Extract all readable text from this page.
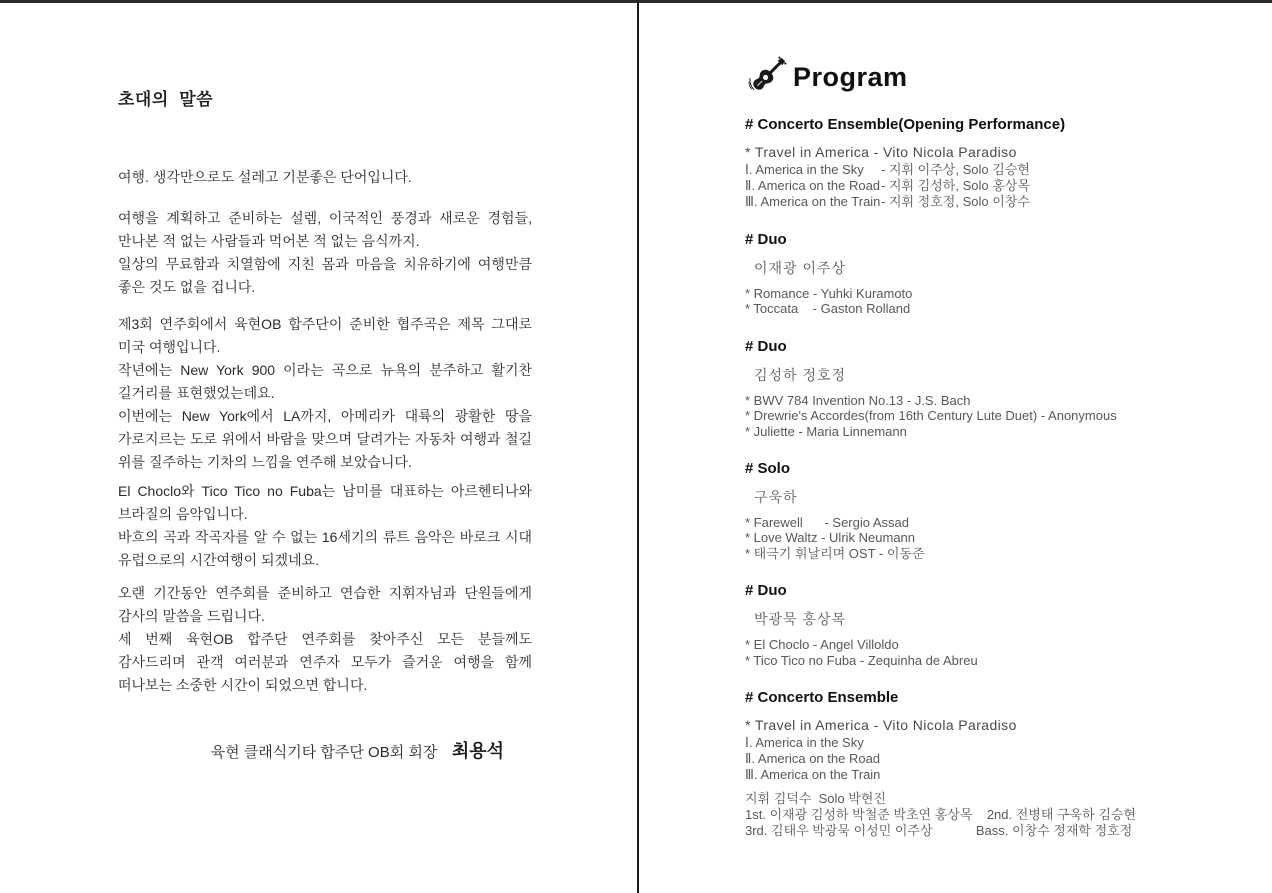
초대의  말씀

여행. 생각만으로도 설레고 기분좋은 단어입니다.

여행을 계획하고 준비하는 설렘, 이국적인 풍경과 새로운 경험들, 만나본 적 없는 사람들과 먹어본 적 없는 음식까지.

일상의 무료함과 치열함에 지친 몸과 마음을 치유하기에 여행만큼 좋은 것도 없을 겁니다.

제3회 연주회에서 육현OB 합주단이 준비한 협주곡은 제목 그대로 미국 여행입니다.

작년에는 New York 900 이라는 곡으로 뉴욕의 분주하고 활기찬 길거리를 표현했었는데요.

이번에는 New York에서 LA까지, 아메리카 대륙의 광활한 땅을 가로지르는 도로 위에서 바람을 맞으며 달려가는 자동차 여행과 철길 위를 질주하는 기차의 느낌을 연주해 보았습니다.

El Choclo와 Tico Tico no Fuba는 남미를 대표하는 아르헨티나와 브라질의 음악입니다.

바흐의 곡과 작곡자를 알 수 없는 16세기의 류트 음악은 바로크 시대 유럽으로의 시간여행이 되겠네요.

오랜 기간동안 연주회를 준비하고 연습한 지휘자님과 단원들에게 감사의 말씀을 드립니다.

세 번째 육현OB 합주단 연주회를 찾아주신 모든 분들께도 감사드리며 관객 여러분과 연주자 모두가 즐거운 여행을 함께 떠나보는 소중한 시간이 되었으면 합니다.

육현 클래식기타 합주단 OB회 회장 최용석
Program
# Concerto Ensemble(Opening Performance)
* Travel in America - Vito Nicola Paradiso
Ⅰ. America in the Sky	- 지휘 이주상, Solo 김승현
Ⅱ. America on the Road - 지휘 김성하, Solo 홍상목
Ⅲ. America on the Train - 지휘 정호정, Solo 이창수
# Duo
이재광 이주상
* Romance - Yuhki Kuramoto
* Toccata    - Gaston Rolland
# Duo
김성하 정호정
* BWV 784 Invention No.13 - J.S. Bach
* Drewrie's Accordes(from 16th Century Lute Duet) - Anonymous
* Juliette - Maria Linnemann
# Solo
구욱하
* Farewell      - Sergio Assad
* Love Waltz - Ulrik Neumann
* 태극기 휘날리며 OST - 이동준
# Duo
박광묵 홍상목
* El Choclo - Angel Villoldo
* Tico Tico no Fuba - Zequinha de Abreu
# Concerto Ensemble
* Travel in America - Vito Nicola Paradiso
Ⅰ. America in the Sky
Ⅱ. America on the Road
Ⅲ. America on the Train
지휘 김덕수  Solo 박현진
1st. 이재광 김성하 박철준 박초연 홍상목    2nd. 전병태 구욱하 김승현
3rd. 김태우 박광묵 이성민 이주상            Bass. 이창수 정재학 정호정
